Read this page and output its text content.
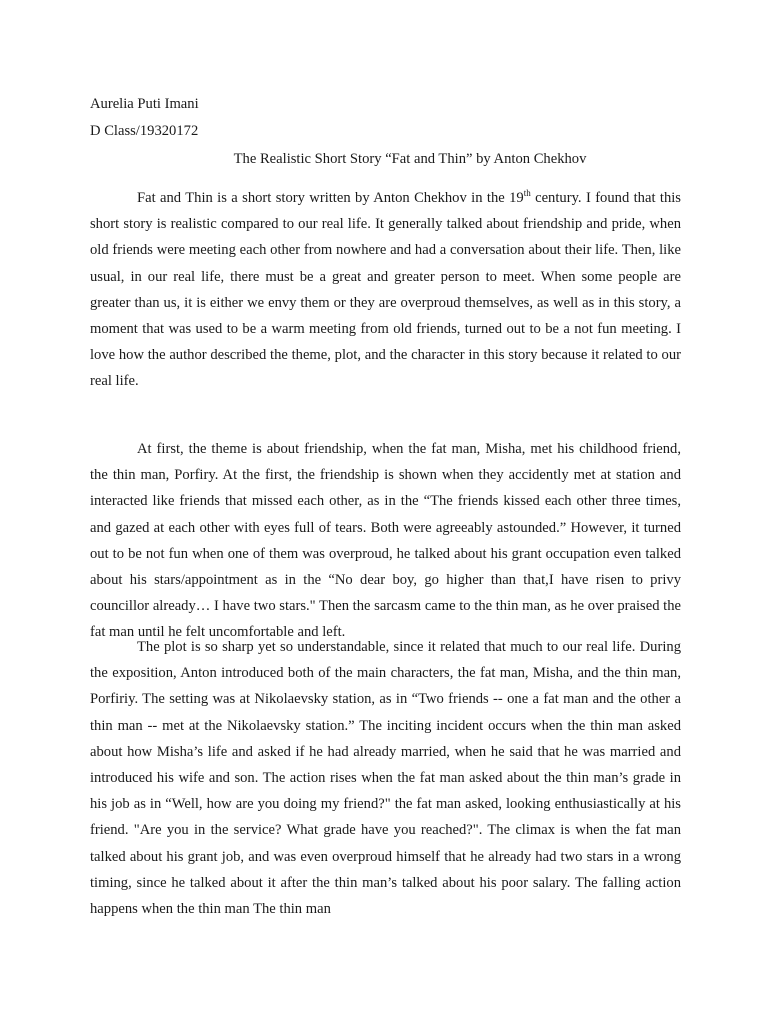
Aurelia Puti Imani

D Class/19320172

The Realistic Short Story “Fat and Thin” by Anton Chekhov

Fat and Thin is a short story written by Anton Chekhov in the 19th century. I found that this short story is realistic compared to our real life. It generally talked about friendship and pride, when old friends were meeting each other from nowhere and had a conversation about their life. Then, like usual, in our real life, there must be a great and greater person to meet. When some people are greater than us, it is either we envy them or they are overproud themselves, as well as in this story, a moment that was used to be a warm meeting from old friends, turned out to be a not fun meeting. I love how the author described the theme, plot, and the character in this story because it related to our real life.

At first, the theme is about friendship, when the fat man, Misha, met his childhood friend, the thin man, Porfiry. At the first, the friendship is shown when they accidently met at station and interacted like friends that missed each other, as in the “The friends kissed each other three times, and gazed at each other with eyes full of tears. Both were agreeably astounded.” However, it turned out to be not fun when one of them was overproud, he talked about his grant occupation even talked about his stars/appointment as in the “No dear boy, go higher than that,I have risen to privy councillor already… I have two stars." Then the sarcasm came to the thin man, as he over praised the fat man until he felt uncomfortable and left.

The plot is so sharp yet so understandable, since it related that much to our real life. During the exposition, Anton introduced both of the main characters, the fat man, Misha, and the thin man, Porfiriy. The setting was at Nikolaevsky station, as in “Two friends -- one a fat man and the other a thin man -- met at the Nikolaevsky station.” The inciting incident occurs when the thin man asked about how Misha’s life and asked if he had already married, when he said that he was married and introduced his wife and son. The action rises when the fat man asked about the thin man’s grade in his job as in “Well, how are you doing my friend?" the fat man asked, looking enthusiastically at his friend. "Are you in the service? What grade have you reached?". The climax is when the fat man talked about his grant job, and was even overproud himself that he already had two stars in a wrong timing, since he talked about it after the thin man’s talked about his poor salary. The falling action happens when the thin man The thin man
